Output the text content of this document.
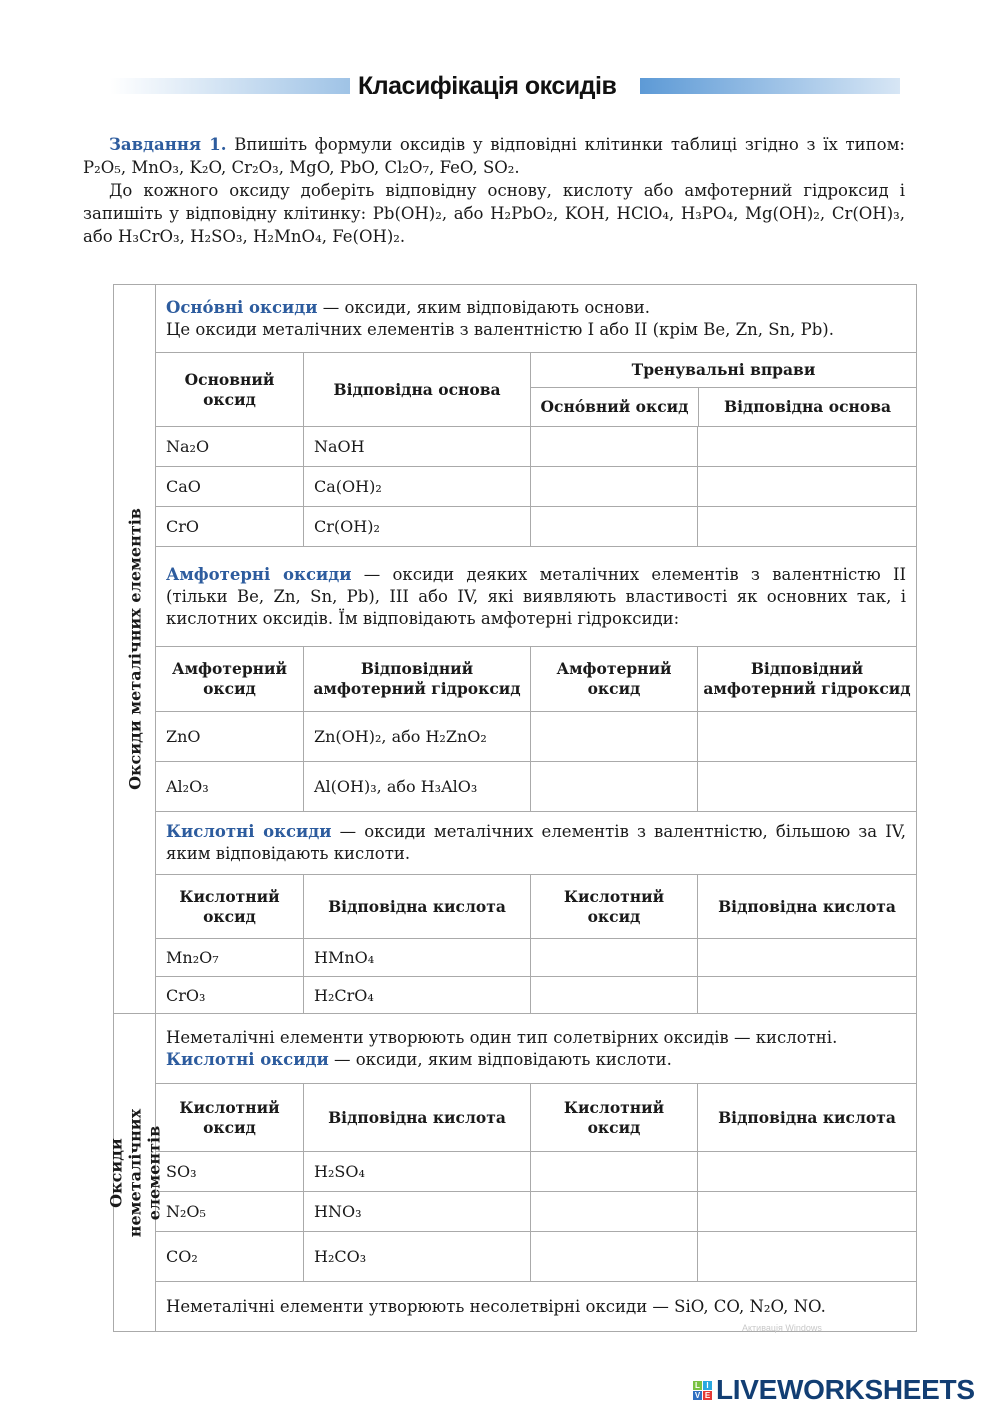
Класифікація оксидів

Завдання 1. Впишіть формули оксидів у відповідні клітинки таблиці згідно з їх типом: P₂O₅, MnO₃, K₂O, Cr₂O₃, MgO, PbO, Cl₂O₇, FeO, SO₂.

До кожного оксиду доберіть відповідну основу, кислоту або амфотерний гідроксид і запишіть у відповідну клітинку: Pb(OH)₂, або H₂PbO₂, KOH, HClO₄, H₃PO₄, Mg(OH)₂, Cr(OH)₃, або H₃CrO₃, H₂SO₃, H₂MnO₄, Fe(OH)₂.

Оксиди металічних елементів	Осно́вні оксиди — оксиди, яким відповідають основи.
Це оксиди металічних елементів з валентністю I або II (крім Be, Zn, Sn, Pb).			
	Основний оксид	Відповідна основа	Тренувальні вправи
Осно́вний оксид Відповідна основа	

	Na₂O	NaOH		
	CaO	Ca(OH)₂		
	CrO	Cr(OH)₂		
	Амфотерні оксиди — оксиди деяких металічних елементів з валентністю II (тільки Be, Zn, Sn, Pb), III або IV, які виявляють властивості як основних так, і кислотних оксидів. Їм відповідають амфотерні гідроксиди:			
	Амфотерний оксид	Відповідний амфотерний гідроксид	Амфотерний оксид	Відповідний амфотерний гідроксид
	ZnO	Zn(OH)₂, або H₂ZnO₂		
	Al₂O₃	Al(OH)₃, або H₃AlO₃		
	Кислотні оксиди — оксиди металічних елементів з валентністю, більшою за IV, яким відповідають кислоти.			
	Кислотний оксид	Відповідна кислота	Кислотний оксид	Відповідна кислота
	Mn₂O₇	HMnO₄		
	CrO₃	H₂CrO₄		

Оксиди
неметалічних
елементів	Неметалічні елементи утворюють один тип солетвірних оксидів — кислотні.
Кислотні оксиди — оксиди, яким відповідають кислоти.			
	Кислотний оксид	Відповідна кислота	Кислотний оксид	Відповідна кислота
	SO₃	H₂SO₄		
	N₂O₅	HNO₃		
	CO₂	H₂CO₃		
	Неметалічні елементи утворюють несолетвірні оксиди — SiO, CO, N₂O, NO.			
Активація Windows
L I
V E LIVEWORKSHEETS
